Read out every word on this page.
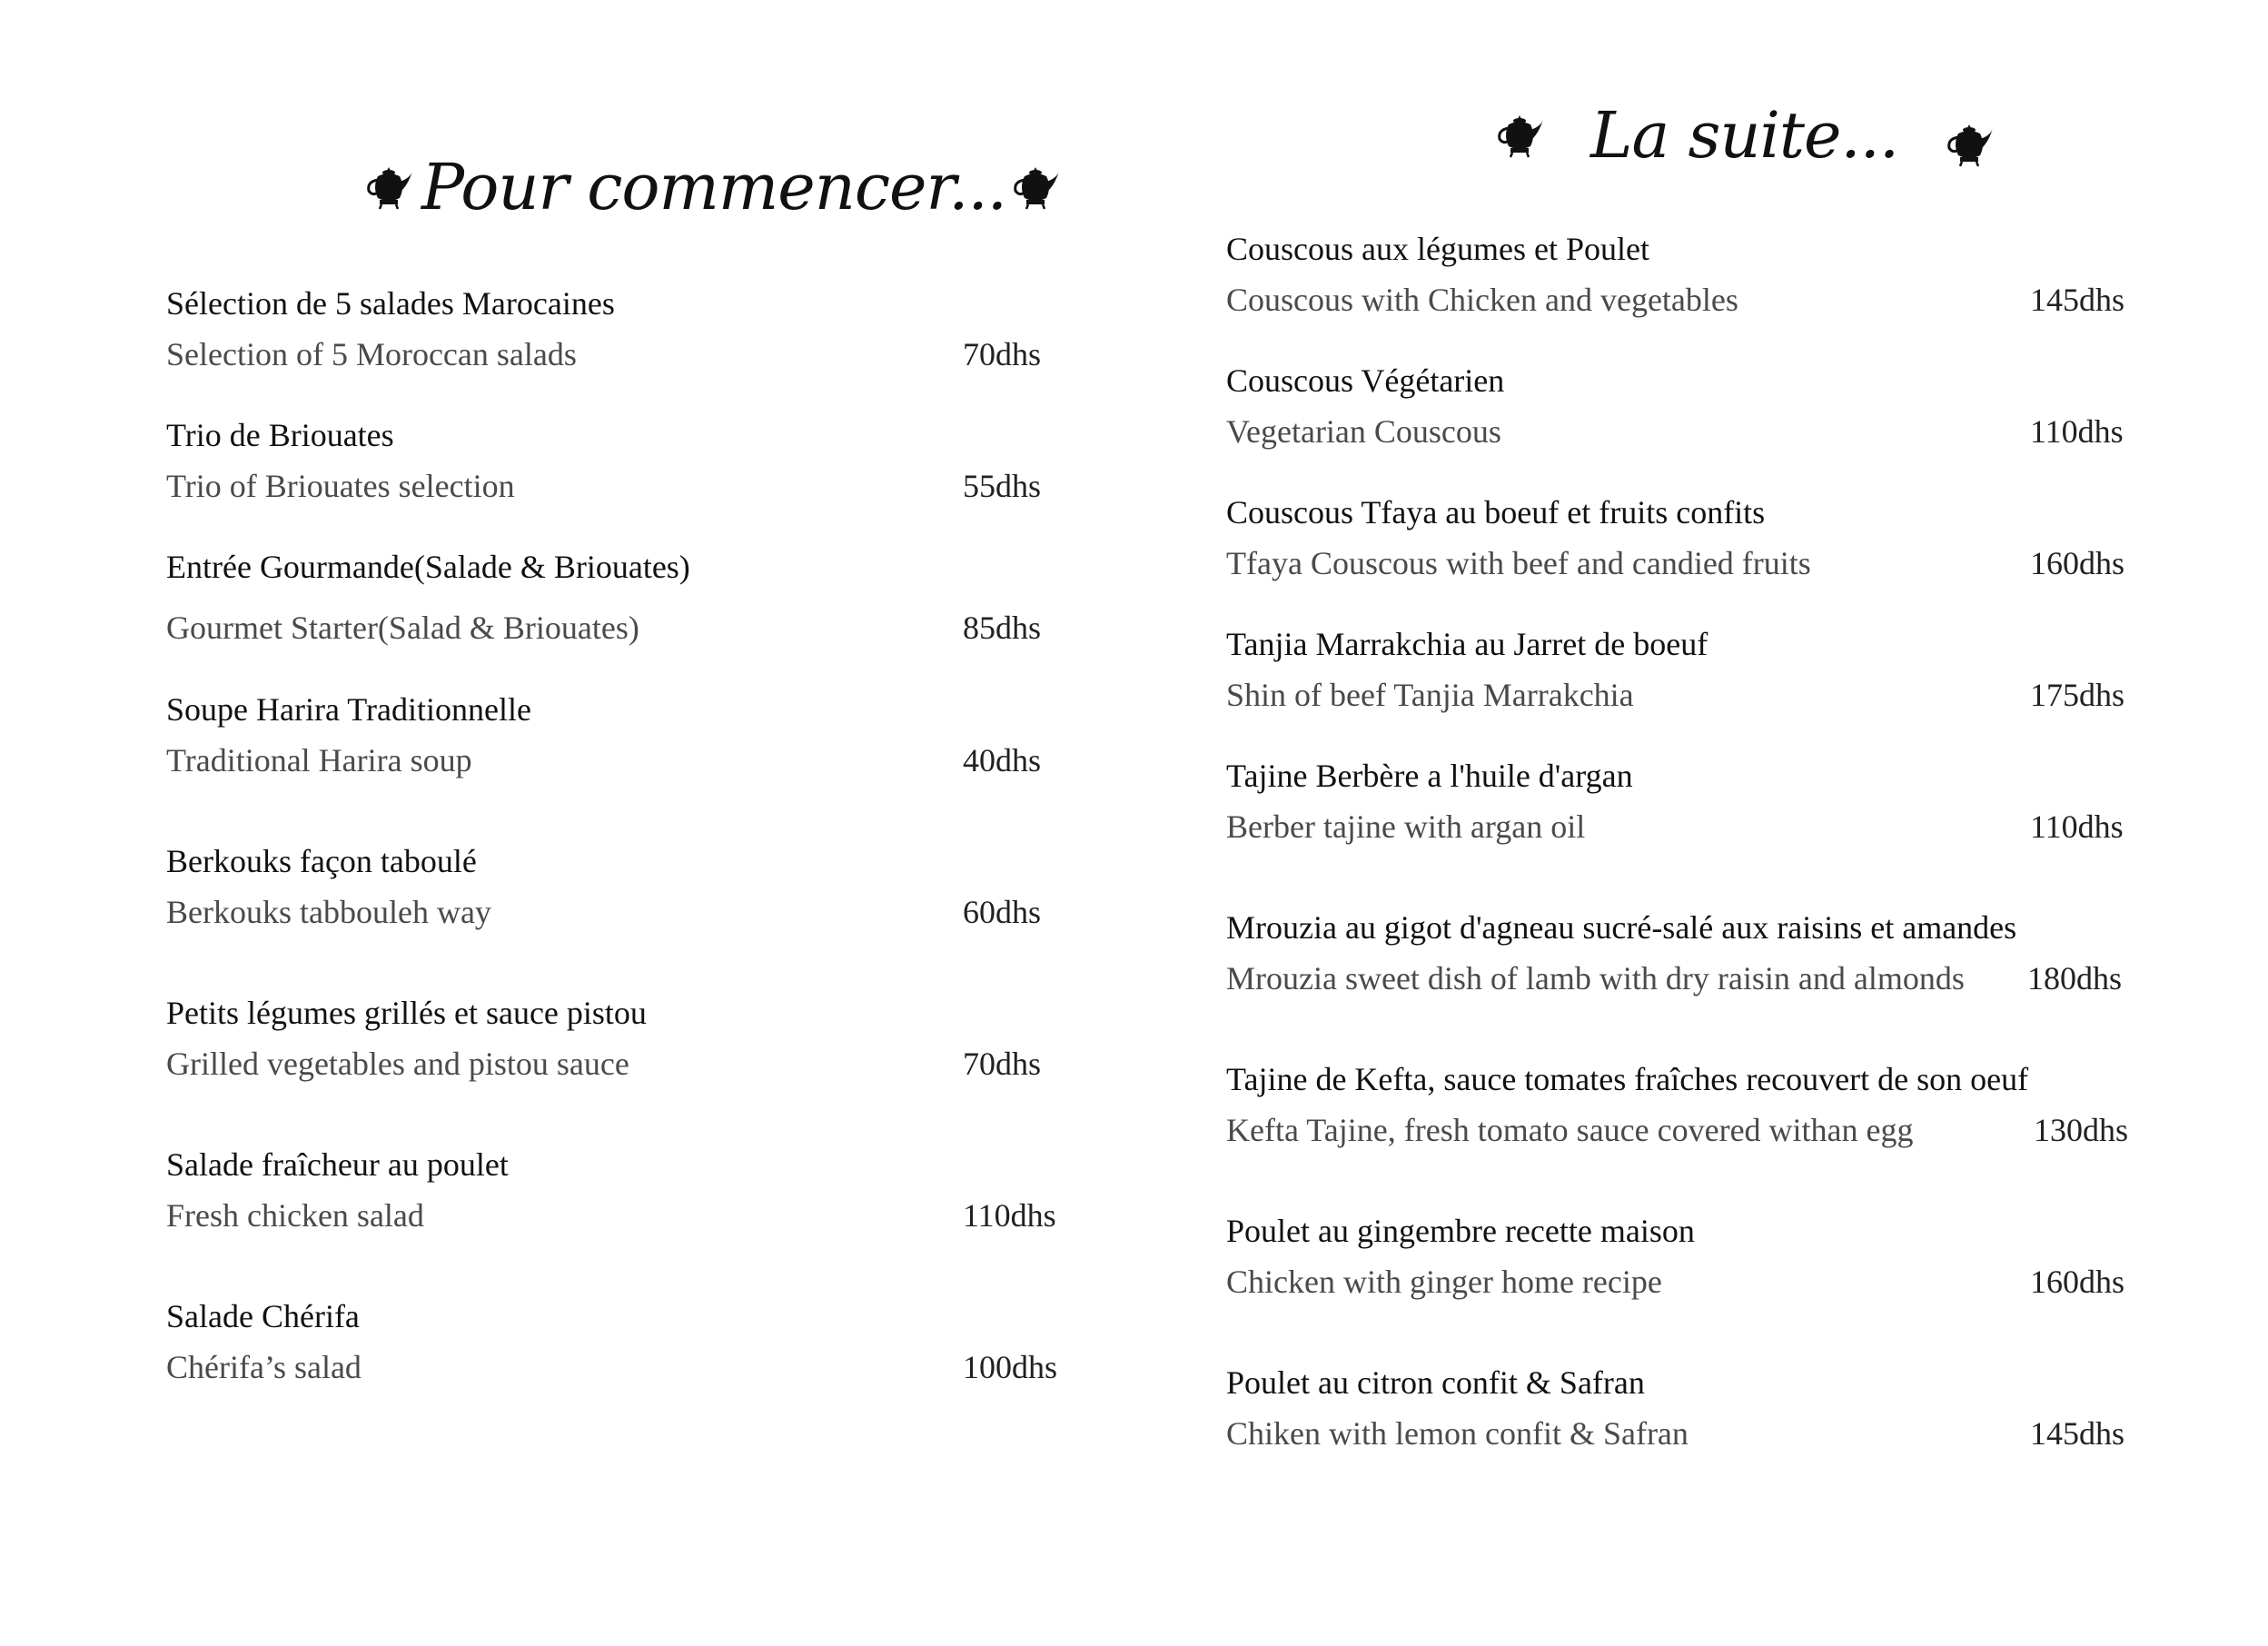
Pour commencer...
La suite...
Sélection de 5 salades Marocaines
Selection of 5 Moroccan salads	70dhs
Trio de Briouates
Trio of Briouates selection	55dhs
Entrée Gourmande(Salade & Briouates)
Gourmet Starter(Salad & Briouates)	85dhs
Soupe Harira Traditionnelle
Traditional Harira soup	40dhs
Berkouks façon taboulé
Berkouks tabbouleh way	60dhs
Petits légumes grillés et sauce pistou
Grilled vegetables and pistou sauce	70dhs
Salade fraîcheur au poulet
Fresh chicken salad	110dhs
Salade Chérifa
Chérifa’s salad	100dhs
Couscous aux légumes et Poulet
Couscous with Chicken and vegetables	145dhs
Couscous Végétarien
Vegetarian Couscous	110dhs
Couscous Tfaya au boeuf et fruits confits
Tfaya Couscous with beef and candied fruits	160dhs
Tanjia Marrakchia au Jarret de boeuf
Shin of beef Tanjia Marrakchia	175dhs
Tajine Berbère a l'huile d'argan
Berber tajine with argan oil	110dhs
Mrouzia au gigot d'agneau sucré-salé aux raisins et amandes
Mrouzia sweet dish of lamb with dry raisin and almonds	180dhs
Tajine de Kefta, sauce tomates fraîches recouvert de son oeuf
Kefta Tajine, fresh tomato sauce covered withan egg	130dhs
Poulet au gingembre recette maison
Chicken with ginger home recipe	160dhs
Poulet au citron confit & Safran
Chiken with lemon confit & Safran	145dhs
